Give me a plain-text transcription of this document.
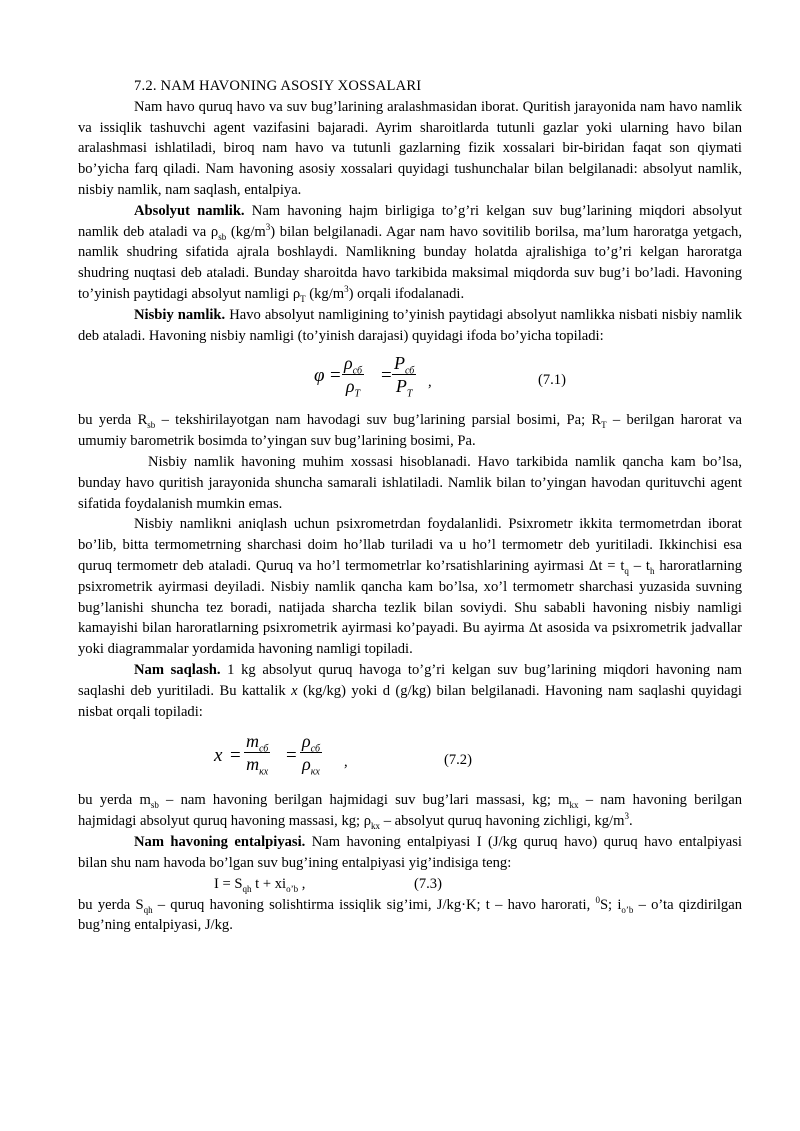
7.2. NAM HAVONING ASOSIY XOSSALARI

Nam havo quruq havo va suv bug’larining aralashmasidan iborat. Quritish jarayonida nam havo namlik va issiqlik tashuvchi agent vazifasini bajaradi. Ayrim sharoitlarda tutunli gazlar yoki ularning havo bilan aralashmasi ishlatiladi, biroq nam havo va tutunli gazlarning fizik xossalari bir-biridan faqat son qiymati bo’yicha farq qiladi. Nam havoning asosiy xossalari quyidagi tushunchalar bilan belgilanadi: absolyut namlik, nisbiy namlik, nam saqlash, entalpiya.

Absolyut namlik. Nam havoning hajm birligiga to’g’ri kelgan suv bug’larining miqdori absolyut namlik deb ataladi va $\rho_{sb}$ $(kg/m^3)$ bilan belgilanadi. Agar nam havo sovitilib borilsa, ma’lum haroratga yetgach, namlik shudring sifatida ajrala boshlaydi. Namlikning bunday holatda ajralishiga to’g’ri kelgan haroratga shudring nuqtasi deb ataladi. Bunday sharoitda havo tarkibida maksimal miqdorda suv bug’i bo’ladi. Havoning to’yinish paytidagi absolyut namligi $\rho_T$ $(kg/m^3)$ orqali ifodalanadi.

Nisbiy namlik. Havo absolyut namligining to’yinish paytidagi absolyut namlikka nisbati nisbiy namlik deb ataladi. Havoning nisbiy namligi (to’yinish darajasi) quyidagi ifoda bo’yicha topiladi:

φ =
$\rho_{сб}$
$\rho_T$
=
$P_{сб}$
$P_T$
,	(7.1)

bu yerda $R_{sb}$ – tekshirilayotgan nam havodagi suv bug’larining parsial bosimi, Pa; $R_T$ – berilgan harorat va umumiy barometrik bosimda to’yingan suv bug’larining bosimi, Pa.

Nisbiy namlik havoning muhim xossasi hisoblanadi. Havo tarkibida namlik qancha kam bo’lsa, bunday havo quritish jarayonida shuncha samarali ishlatiladi. Namlik bilan to’yingan havodan qurituvchi agent sifatida foydalanish mumkin emas.

Nisbiy namlikni aniqlash uchun psixrometrdan foydalanlidi. Psixrometr ikkita termometrdan iborat bo’lib, bitta termometrning sharchasi doim ho’llab turiladi va u ho’l termometr deb yuritiladi. Ikkinchisi esa quruq termometr deb ataladi. Quruq va ho’l termometrlar ko’rsatishlarining ayirmasi $\Delta t = t_q - t_h$ haroratlarning psixrometrik ayirmasi deyiladi. Nisbiy namlik qancha kam bo’lsa, xo’l termometr sharchasi yuzasida suvning bug’lanishi shuncha tez boradi, natijada sharcha tezlik bilan soviydi. Shu sababli havoning nisbiy namligi kamayishi bilan haroratlarning psixrometrik ayirmasi ko’payadi. Bu ayirma Δt asosida va psixrometrik jadvallar yoki diagrammalar yordamida havoning namligi topiladi.

Nam saqlash. 1 kg absolyut quruq havoga to’g’ri kelgan suv bug’larining miqdori havoning nam saqlashi deb yuritiladi. Bu kattalik x (kg/kg) yoki d (g/kg) bilan belgilanadi. Havoning nam saqlashi quyidagi nisbat orqali topiladi:

x =
$m_{сб}$
$m_{кх}$
=
$\rho_{сб}$
$\rho_{кх}$
,	(7.2)

bu yerda $m_{sb}$ – nam havoning berilgan hajmidagi suv bug’lari massasi, kg; $m_{kx}$ – nam havoning berilgan hajmidagi absolyut quruq havoning massasi, kg; $\rho_{kx}$ – absolyut quruq havoning zichligi, $kg/m^3$.

Nam havoning entalpiyasi. Nam havoning entalpiyasi I (J/kg quruq havo) quruq havo entalpiyasi bilan shu nam havoda bo’lgan suv bug’ining entalpiyasi yig’indisiga teng:

$I = S_{qh}$ $t + xi_{o’b}$ ,	(7.3)

bu yerda $S_{qh}$ – quruq havoning solishtirma issiqlik sig’imi, J/kg·K; t – havo harorati, $^0$S; $i_{o’b}$ – o’ta qizdirilgan bug’ning entalpiyasi, J/kg.
